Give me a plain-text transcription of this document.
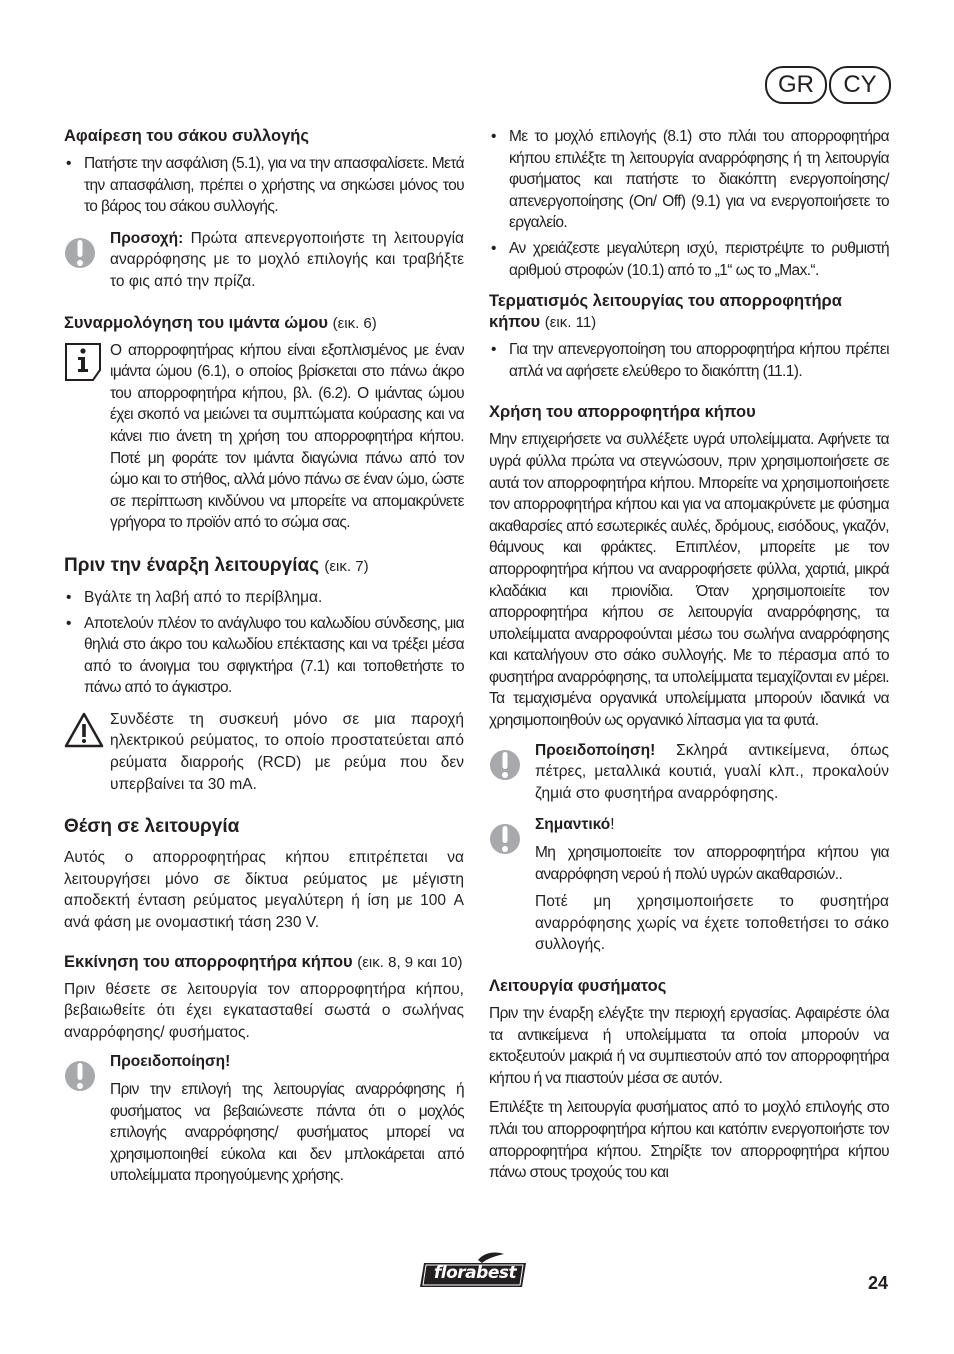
GR	CY
Αφαίρεση του σάκου συλλογής
• Πατήστε την ασφάλιση (5.1), για να την απασφαλίσετε. Μετά την απασφάλιση, πρέπει ο χρήστης να σηκώσει μόνος του το βάρος του σάκου συλλογής.

Προσοχή: Πρώτα απενεργοποιήστε τη λειτουργία αναρρόφησης με το μοχλό επιλογής και τραβήξτε το φις από την πρίζα.

Συναρμολόγηση του ιμάντα ώμου (εικ. 6)

Ο απορροφητήρας κήπου είναι εξοπλισμένος με έναν ιμάντα ώμου (6.1), ο οποίος βρίσκεται στο πάνω άκρο του απορροφητήρα κήπου, βλ. (6.2). Ο ιμάντας ώμου έχει σκοπό να μειώνει τα συμπτώματα κούρασης και να κάνει πιο άνετη τη χρήση του απορροφητήρα κήπου. Ποτέ μη φοράτε τον ιμάντα διαγώνια πάνω από τον ώμο και το στήθος, αλλά μόνο πάνω σε έναν ώμο, ώστε σε περίπτωση κινδύνου να μπορείτε να απομακρύνετε γρήγορα το προϊόν από το σώμα σας.

Πριν την έναρξη λειτουργίας (εικ. 7)
• Βγάλτε τη λαβή από το περίβλημα.
• Αποτελούν πλέον το ανάγλυφο του καλωδίου σύνδεσης, μια θηλιά στο άκρο του καλωδίου επέκτασης και να τρέξει μέσα από το άνοιγμα του σφιγκτήρα (7.1) και τοποθετήστε το πάνω από το άγκιστρο.

Συνδέστε τη συσκευή μόνο σε μια παροχή ηλεκτρικού ρεύματος, το οποίο προστατεύεται από ρεύματα διαρροής (RCD) με ρεύμα που δεν υπερβαίνει τα 30 mA.

Θέση σε λειτουργία

Αυτός ο απορροφητήρας κήπου επιτρέπεται να λειτουργήσει μόνο σε δίκτυα ρεύματος με μέγιστη αποδεκτή ένταση ρεύματος μεγαλύτερη ή ίση με 100 A ανά φάση με ονομαστική τάση 230 V.

Εκκίνηση του απορροφητήρα κήπου (εικ. 8, 9 και 10)

Πριν θέσετε σε λειτουργία τον απορροφητήρα κήπου, βεβαιωθείτε ότι έχει εγκατασταθεί σωστά ο σωλήνας αναρρόφησης/ φυσήματος.

Προειδοποίηση!

Πριν την επιλογή της λειτουργίας αναρρόφησης ή φυσήματος να βεβαιώνεστε πάντα ότι ο μοχλός επιλογής αναρρόφησης/ φυσήματος μπορεί να χρησιμοποιηθεί εύκολα και δεν μπλοκάρεται από υπολείμματα προηγούμενης χρήσης.

• Με το μοχλό επιλογής (8.1) στο πλάι του απορροφητήρα κήπου επιλέξτε τη λειτουργία αναρρόφησης ή τη λειτουργία φυσήματος και πατήστε το διακόπτη ενεργοποίησης/ απενεργοποίησης (On/ Off) (9.1) για να ενεργοποιήσετε το εργαλείο.
• Αν χρειάζεστε μεγαλύτερη ισχύ, περιστρέψτε το ρυθμιστή αριθμού στροφών (10.1) από το „1“ ως το „Max.“.
Τερματισμός λειτουργίας του απορροφητήρα κήπου (εικ. 11)
• Για την απενεργοποίηση του απορροφητήρα κήπου πρέπει απλά να αφήσετε ελεύθερο το διακόπτη (11.1).
Χρήση του απορροφητήρα κήπου

Μην επιχειρήσετε να συλλέξετε υγρά υπολείμματα. Αφήνετε τα υγρά φύλλα πρώτα να στεγνώσουν, πριν χρησιμοποιήσετε σε αυτά τον απορροφητήρα κήπου. Μπορείτε να χρησιμοποιήσετε τον απορροφητήρα κήπου και για να απομακρύνετε με φύσημα ακαθαρσίες από εσωτερικές αυλές, δρόμους, εισόδους, γκαζόν, θάμνους και φράκτες. Επιπλέον, μπορείτε με τον απορροφητήρα κήπου να αναρροφήσετε φύλλα, χαρτιά, μικρά κλαδάκια και πριονίδια. Όταν χρησιμοποιείτε τον απορροφητήρα κήπου σε λειτουργία αναρρόφησης, τα υπολείμματα αναρροφούνται μέσω του σωλήνα αναρρόφησης και καταλήγουν στο σάκο συλλογής. Με το πέρασμα από το φυσητήρα αναρρόφησης, τα υπολείμματα τεμαχίζονται εν μέρει. Τα τεμαχισμένα οργανικά υπολείμματα μπορούν ιδανικά να χρησιμοποιηθούν ως οργανικό λίπασμα για τα φυτά.

Προειδοποίηση! Σκληρά αντικείμενα, όπως πέτρες, μεταλλικά κουτιά, γυαλί κλπ., προκαλούν ζημιά στο φυσητήρα αναρρόφησης.

Σημαντικό!

Μη χρησιμοποιείτε τον απορροφητήρα κήπου για αναρρόφηση νερού ή πολύ υγρών ακαθαρσιών..

Ποτέ μη χρησιμοποιήσετε το φυσητήρα αναρρόφησης χωρίς να έχετε τοποθετήσει το σάκο συλλογής.

Λειτουργία φυσήματος

Πριν την έναρξη ελέγξτε την περιοχή εργασίας. Αφαιρέστε όλα τα αντικείμενα ή υπολείμματα τα οποία μπορούν να εκτοξευτούν μακριά ή να συμπιεστούν από τον απορροφητήρα κήπου ή να πιαστούν μέσα σε αυτόν.

Επιλέξτε τη λειτουργία φυσήματος από το μοχλό επιλογής στο πλάι του απορροφητήρα κήπου και κατόπιν ενεργοποιήστε τον απορροφητήρα κήπου. Στηρίξτε τον απορροφητήρα κήπου πάνω στους τροχούς του και

florabest	24
